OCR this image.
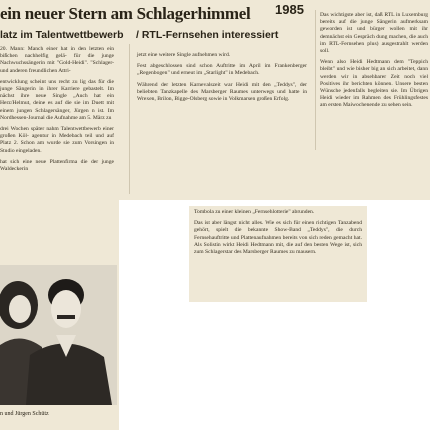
ein neuer Stern am Schlagerhimmel 1985
latz im Talentwettbewerb / RTL-Fernsehen interessiert

20. Mann: Manch einer hat in den letzten ein bißchen nachhelfig gelä- für die junge Nachwuchssängerin mit "Gold-Heidi". "Schlager- und anderen freundlichen Attri-

entwicklung scheint uns recht zu lig das für die junge Sängerin in ihrer Karriere gebastelt. Im nächst ihre neue Single „Auch hat ein Herz/Helmut, deine es auf die sie im Duett mit einem jungen Schlagersänger, Jürgen n ist. Im Nordhessen-Journal die Aufnahme am 5. März zu

drei Wochen später nahm Talentwettbewerb einer großen Köl- agentur in Medebach teil und auf Platz 2. Schon am wurde sie zum Vorsingen in Studio eingeladen.

hat sich eine neue Plattenfirma die der junge Waldeckerin

jetzt eine weitere Single aufnehmen wird.

Fest abgeschlossen sind schon Auftritte im April im Frankenberger „Regenbogen" und erneut im „Starlight" in Medebach.

Während der letzten Karnevalszeit war Heidi mit den „Teddys", der beliebten Tanzkapelle des Marsberger Raumes unterwegs und hatte in Wrexen, Brilon, Bigge-Olsberg sowie in Volkmarsen großen Erfolg.

Das wichtigste aber ist, daß RTL in Luxemburg bereits auf die junge Sängerin aufmerksam geworden ist und bürger wollen mit ihr demnächst ein Gespräch dung machen, die auch im RTL-Fernsehen plus) ausgestrahlt werden soll.

Wenn also Heidi Hedtmann dem "Teppich bleibt" und wie bisher big an sich arbeitet, dann werden wir in absehbarer Zeit noch viel Positives ihr berichten können. Unsere besten Wünsche jedenfalls begleiten sie. Im Übrigen Heidi wieder im Rahmen des Frühlingsfestes am ersten Maiwochenende zu sehen sein.

n und Jürgen Schütz

Tombola zu einer kleinen „Fernsehlotterie" abrunden.

Das ist aber längst nicht alles. Wie es sich für einen richtigen Tanzabend gehört, spielt die bekannte Show-Band „Teddys", die durch Fernsehauftritte und Plattenaufnahmen bereits von sich reden gemacht hat. Als Solistin wirkt Heidi Hedtmann mit, die auf den besten Wege ist, sich zum Schlagerstar des Marsberger Raumes zu mausern.
